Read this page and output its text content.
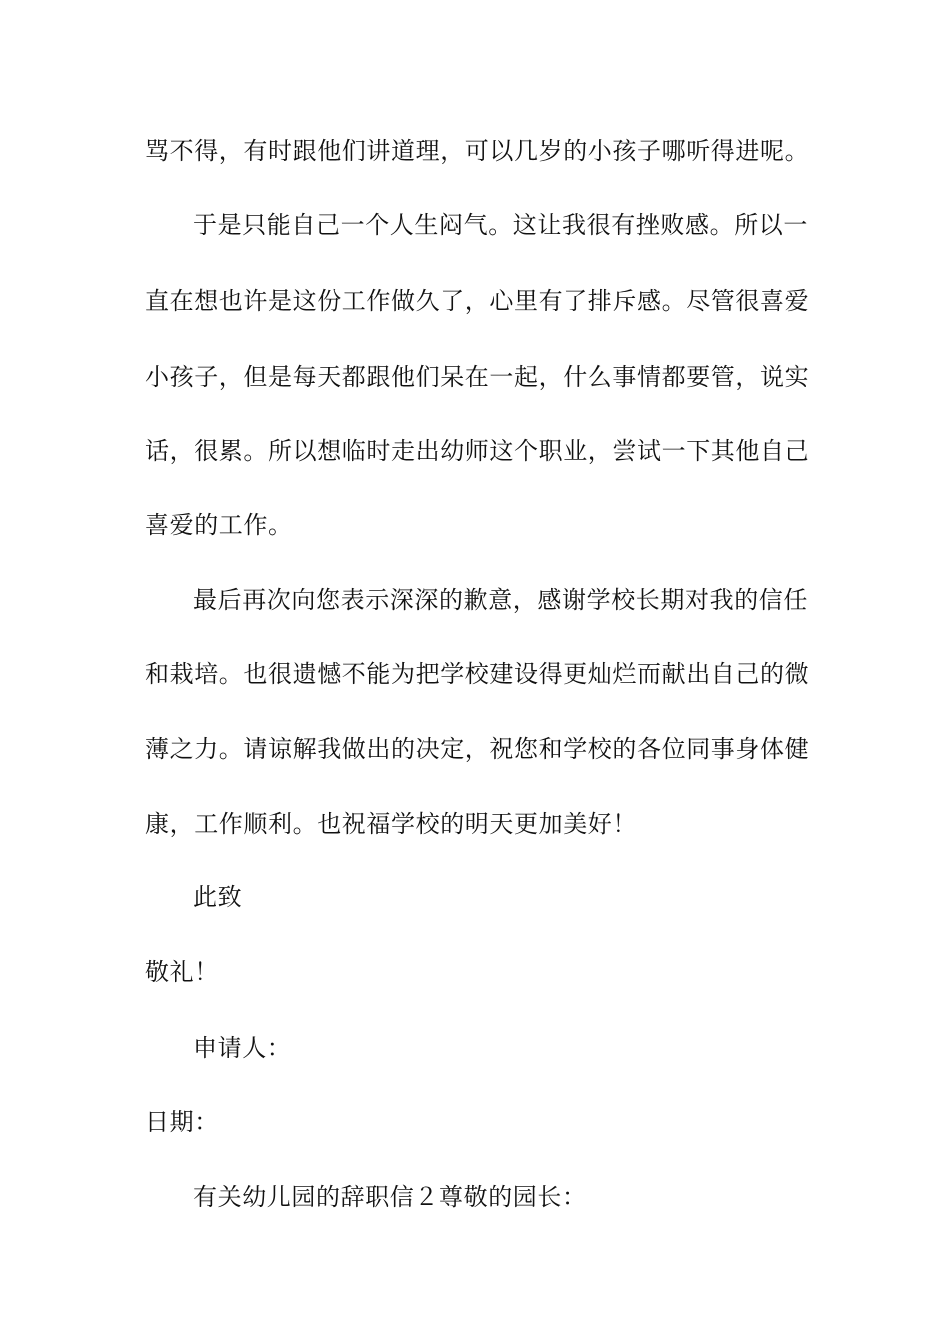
骂不得，有时跟他们讲道理，可以几岁的小孩子哪听得进呢。
于是只能自己一个人生闷气。这让我很有挫败感。所以一
直在想也许是这份工作做久了，心里有了排斥感。尽管很喜爱
小孩子，但是每天都跟他们呆在一起，什么事情都要管，说实
话，很累。所以想临时走出幼师这个职业，尝试一下其他自己
喜爱的工作。
最后再次向您表示深深的歉意，感谢学校长期对我的信任
和栽培。也很遗憾不能为把学校建设得更灿烂而献出自己的微
薄之力。请谅解我做出的决定，祝您和学校的各位同事身体健
康，工作顺利。也祝福学校的明天更加美好！
此致
敬礼！
申请人：
日期：
有关幼儿园的辞职信２尊敬的园长：
